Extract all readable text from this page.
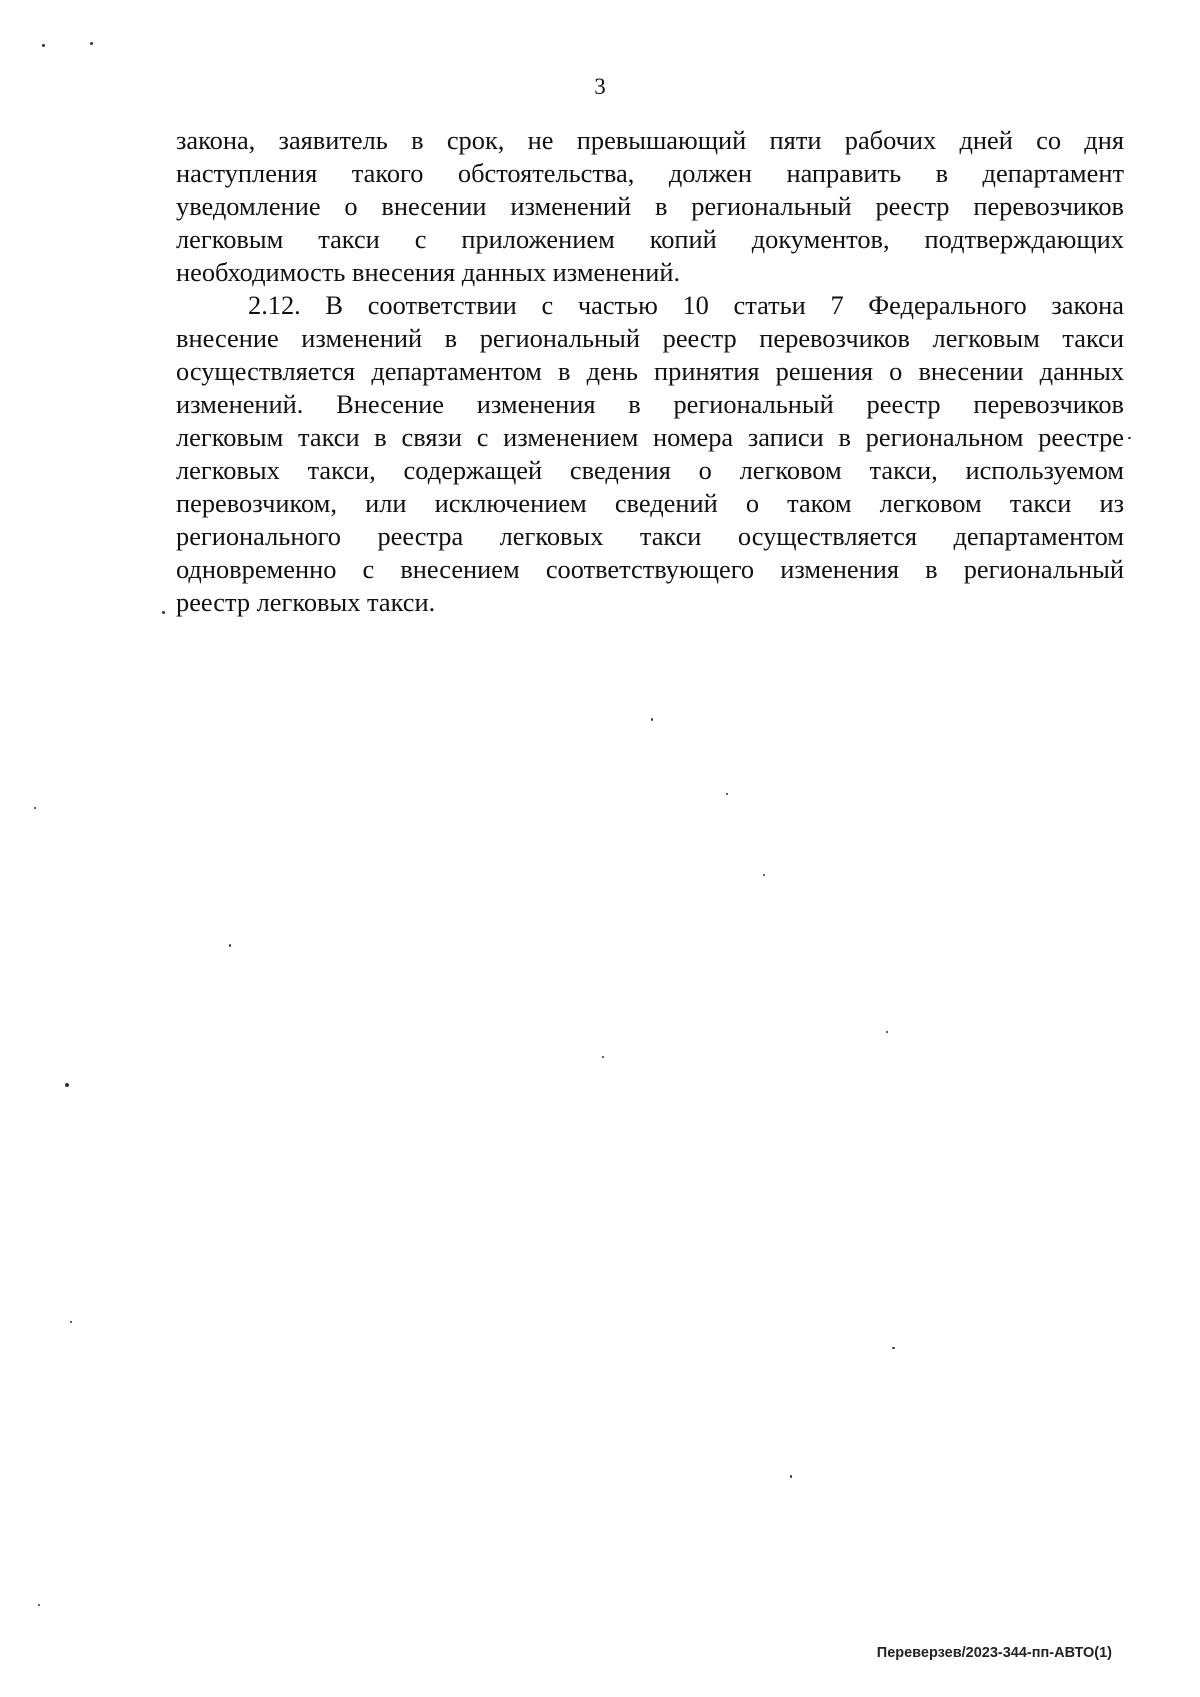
3
закона, заявитель в срок, не превышающий пяти рабочих дней со дня
наступления такого обстоятельства, должен направить в департамент
уведомление о внесении изменений в региональный реестр перевозчиков
легковым такси с приложением копий документов, подтверждающих
необходимость внесения данных изменений.
2.12. В соответствии с частью 10 статьи 7 Федерального закона
внесение изменений в региональный реестр перевозчиков легковым такси
осуществляется департаментом в день принятия решения о внесении данных
изменений. Внесение изменения в региональный реестр перевозчиков
легковым такси в связи с изменением номера записи в региональном реестре
легковых такси, содержащей сведения о легковом такси, используемом
перевозчиком, или исключением сведений о таком легковом такси из
регионального реестра легковых такси осуществляется департаментом
одновременно с внесением соответствующего изменения в региональный
реестр легковых такси.
Переверзев/2023-344-пп-АВТО(1)
